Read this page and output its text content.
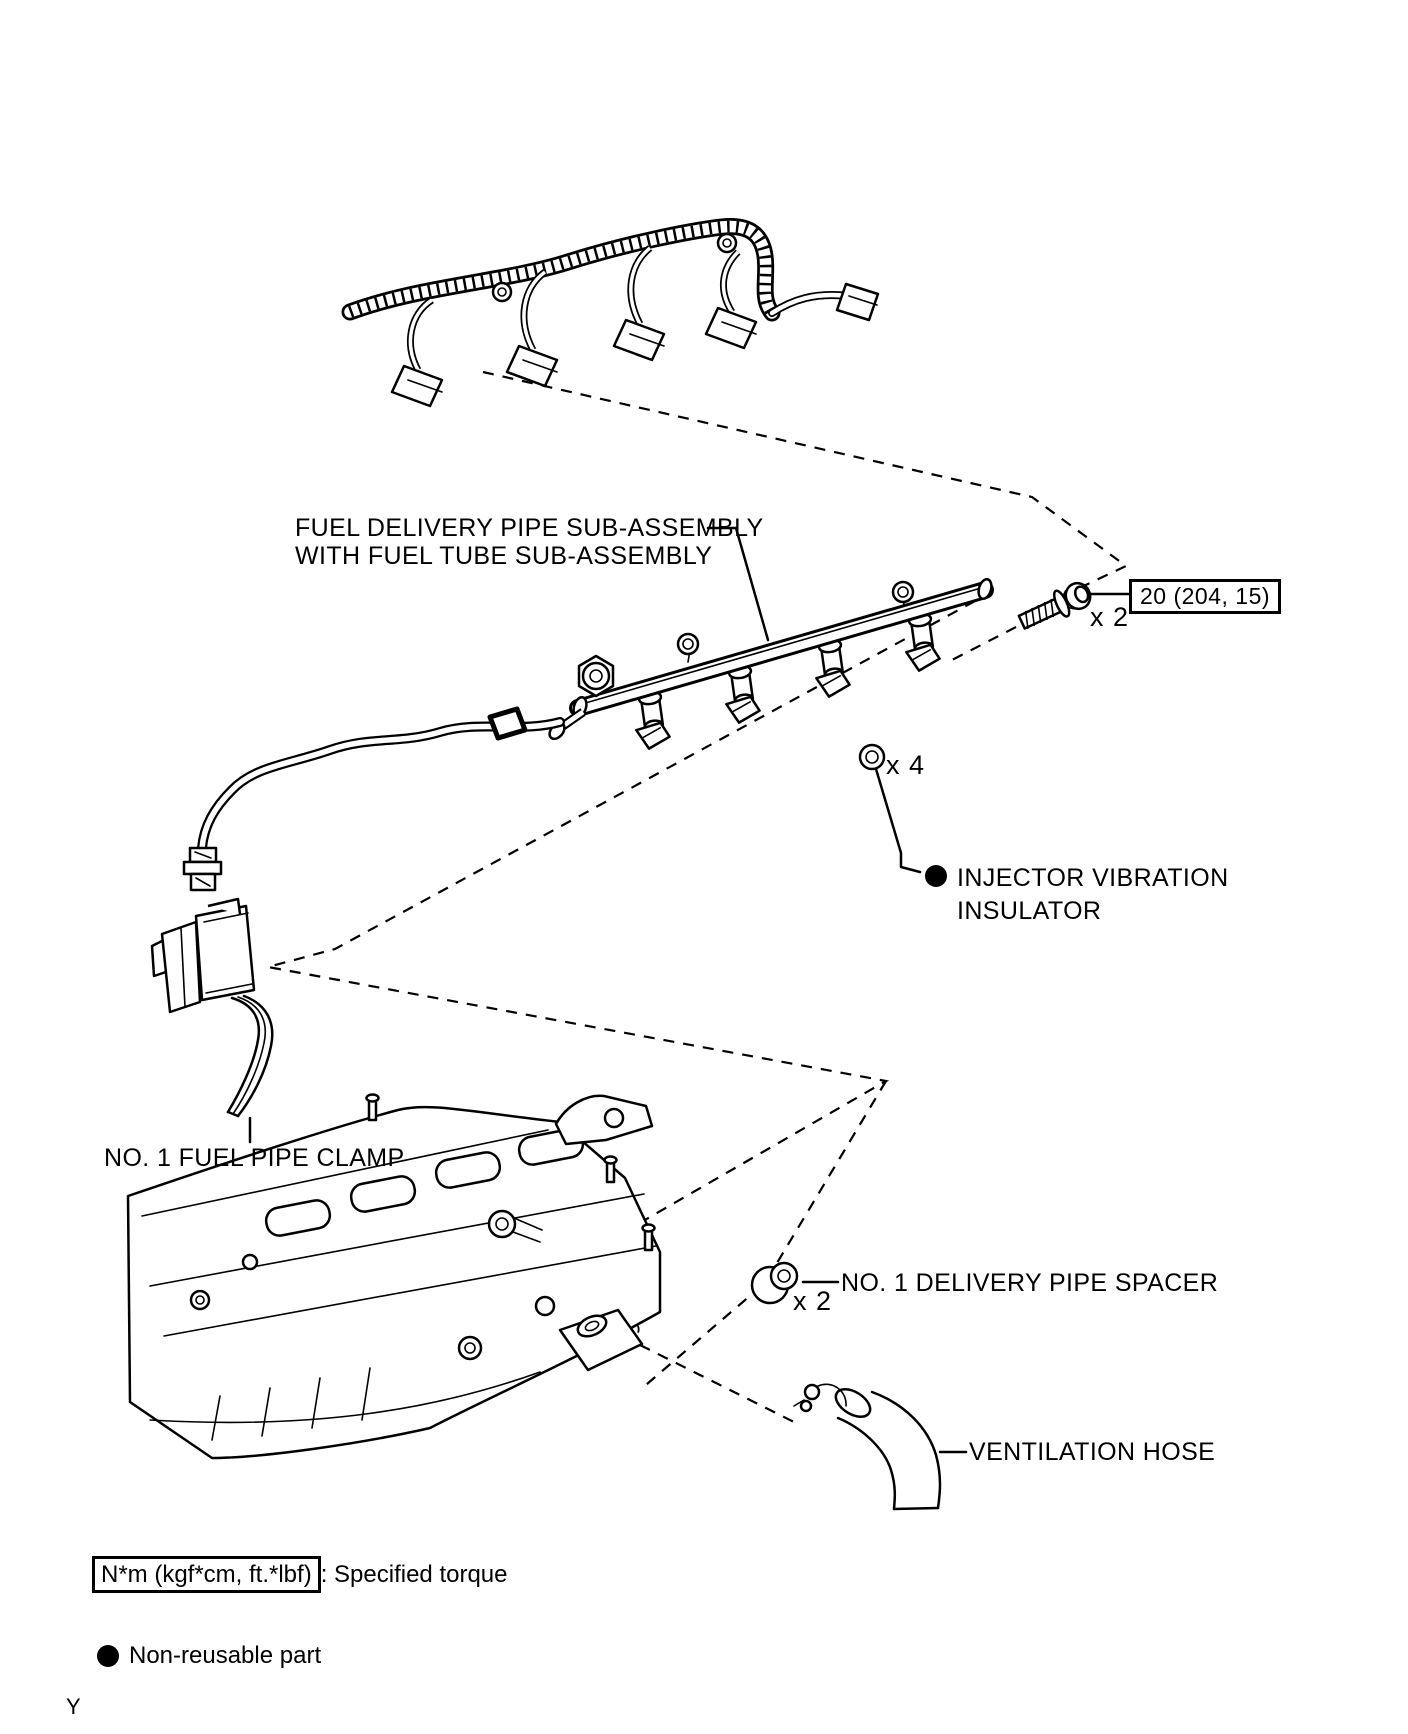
FUEL DELIVERY PIPE SUB-ASSEMBLY
WITH FUEL TUBE SUB-ASSEMBLY
20 (204, 15)
x 2
x 4
INJECTOR VIBRATION
INSULATOR
NO. 1 FUEL PIPE CLAMP
NO. 1 DELIVERY PIPE SPACER
x 2
VENTILATION HOSE
N*m (kgf*cm, ft.*lbf) : Specified torque
Non-reusable part
Y
